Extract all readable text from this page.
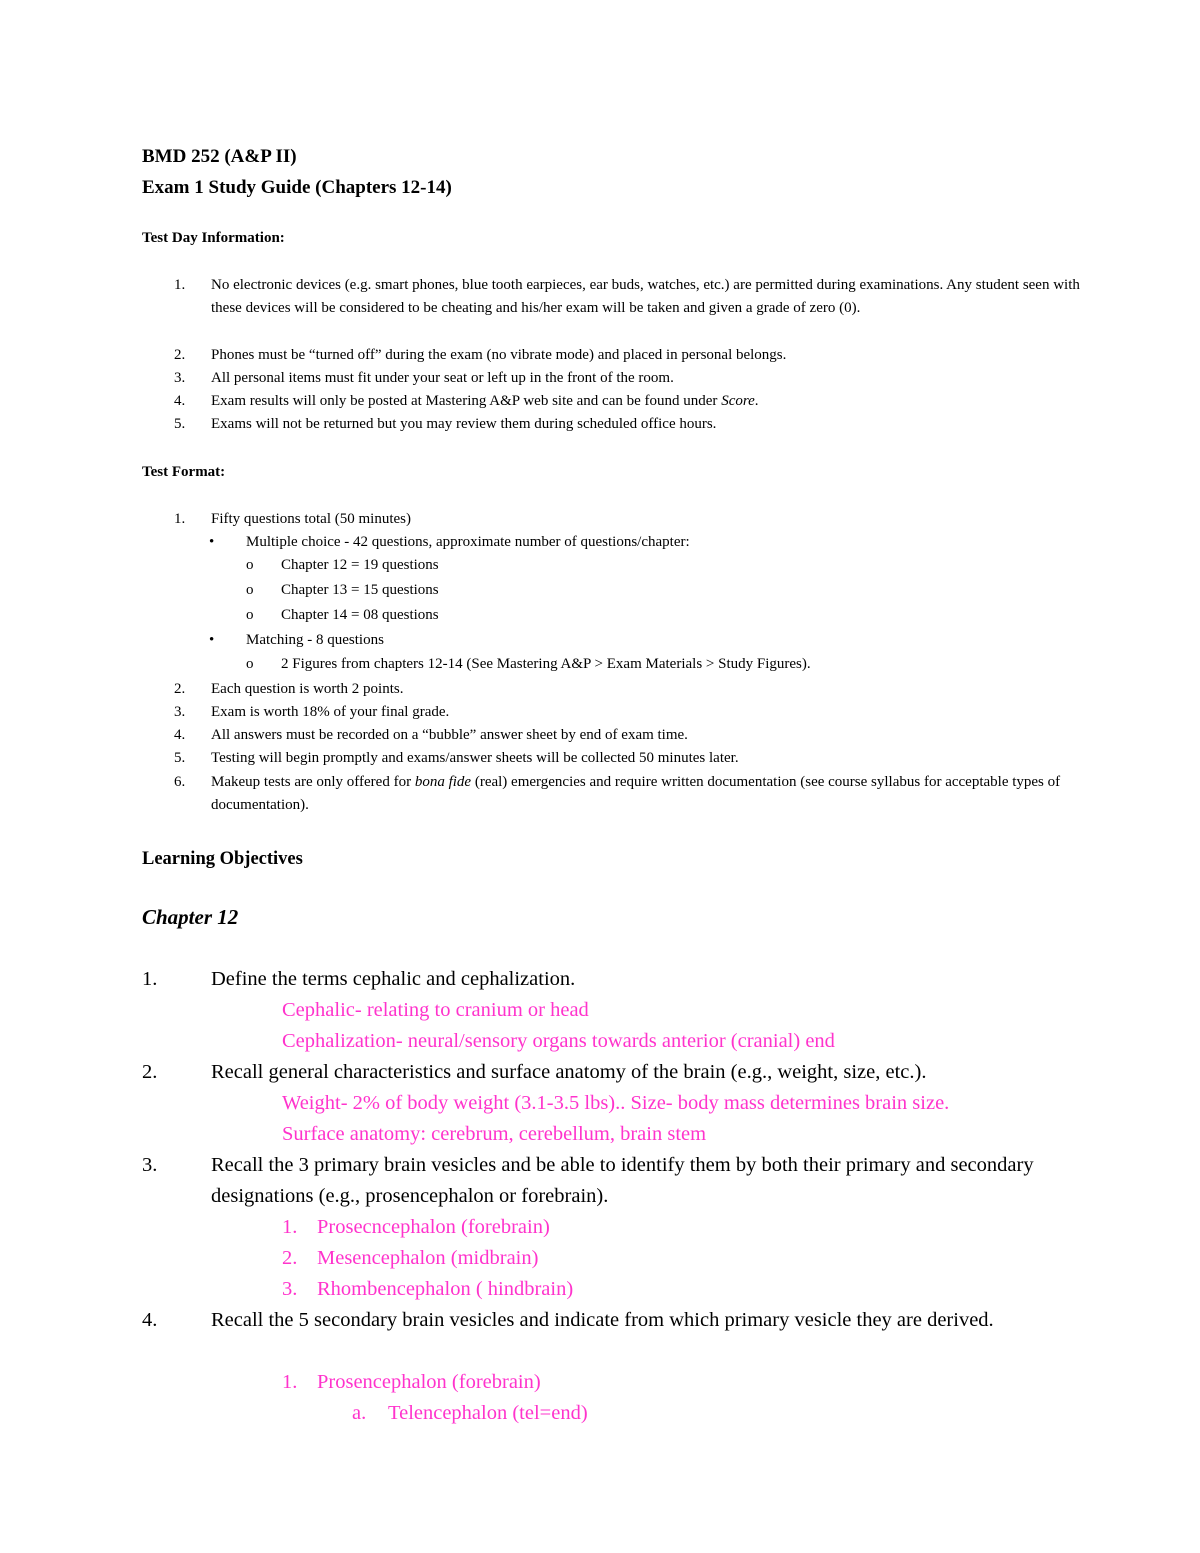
BMD 252 (A&P II)
Exam 1 Study Guide (Chapters 12-14)
Test Day Information:
1.	No electronic devices (e.g. smart phones, blue tooth earpieces, ear buds, watches, etc.) are permitted during examinations. Any student seen with these devices will be considered to be cheating and his/her exam will be taken and given a grade of zero (0).
2.	Phones must be “turned off” during the exam (no vibrate mode) and placed in personal belongs.
3.	All personal items must fit under your seat or left up in the front of the room.
4.	Exam results will only be posted at Mastering A&P web site and can be found under Score.
5.	Exams will not be returned but you may review them during scheduled office hours.
Test Format:
1.	Fifty questions total (50 minutes)
•	Multiple choice - 42 questions, approximate number of questions/chapter:
o	Chapter 12 = 19 questions
o	Chapter 13 = 15 questions
o	Chapter 14 = 08 questions
•	Matching - 8 questions
o	2 Figures from chapters 12-14 (See Mastering A&P > Exam Materials > Study Figures).
2.	Each question is worth 2 points.
3.	Exam is worth 18% of your final grade.
4.	All answers must be recorded on a “bubble” answer sheet by end of exam time.
5.	Testing will begin promptly and exams/answer sheets will be collected 50 minutes later.
6.	Makeup tests are only offered for bona fide (real) emergencies and require written documentation (see course syllabus for acceptable types of documentation).
Learning Objectives
Chapter 12
1.	Define the terms cephalic and cephalization.
Cephalic- relating to cranium or head
Cephalization- neural/sensory organs towards anterior (cranial) end
2.	Recall general characteristics and surface anatomy of the brain (e.g., weight, size, etc.).
Weight- 2% of body weight (3.1-3.5 lbs).. Size- body mass determines brain size.
Surface anatomy: cerebrum, cerebellum, brain stem
3.	Recall the 3 primary brain vesicles and be able to identify them by both their primary and secondary designations (e.g., prosencephalon or forebrain).
1. Prosecncephalon (forebrain)
2. Mesencephalon (midbrain)
3. Rhombencephalon ( hindbrain)
4.	Recall the 5 secondary brain vesicles and indicate from which primary vesicle they are derived.
1. Prosencephalon (forebrain)
a. Telencephalon (tel=end)
